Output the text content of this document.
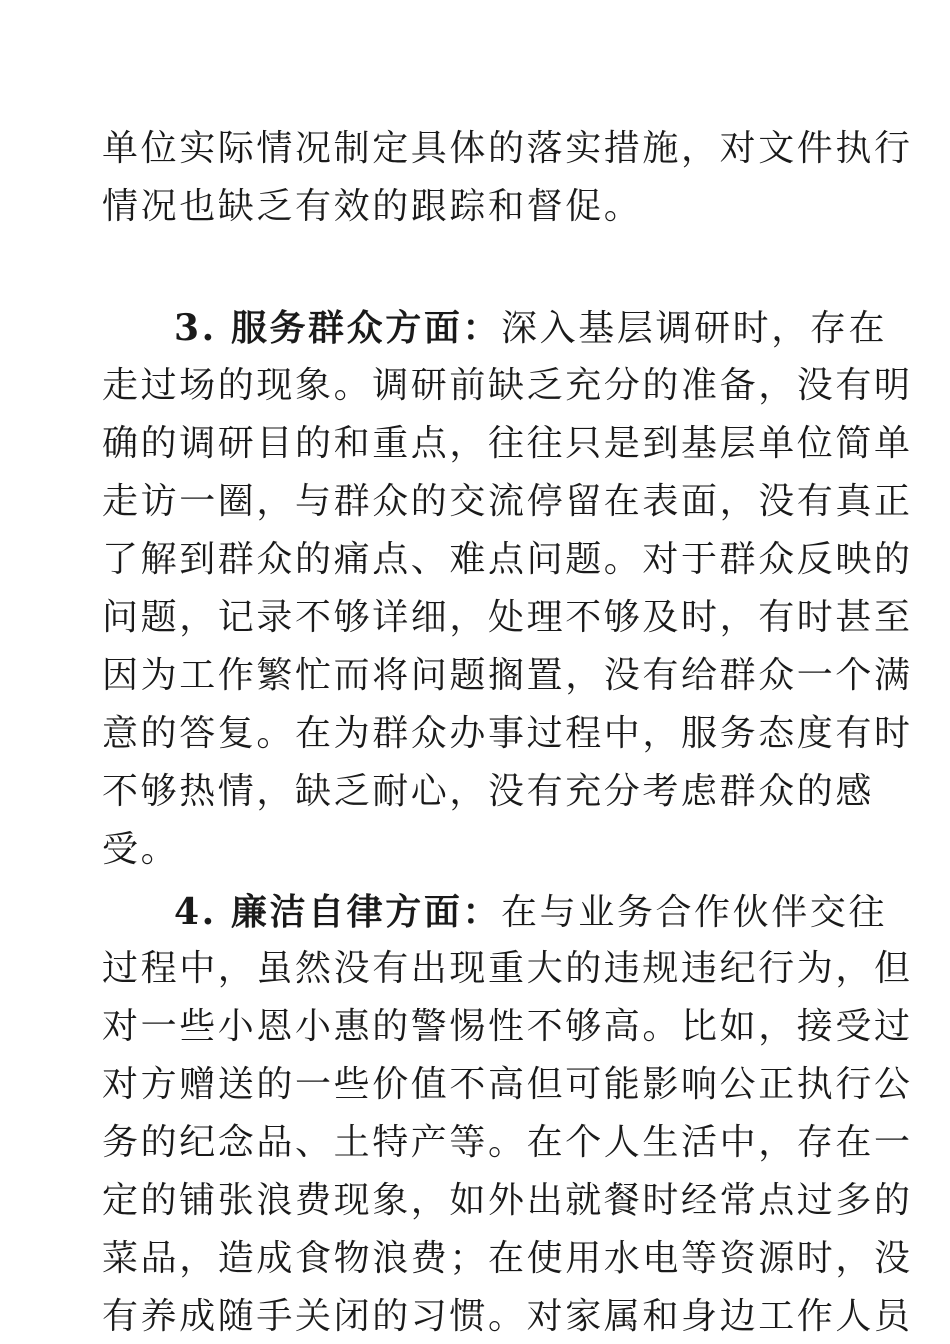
单位实际情况制定具体的落实措施，对文件执行
情况也缺乏有效的跟踪和督促。
3. 服务群众方面：深入基层调研时，存在
走过场的现象。调研前缺乏充分的准备，没有明
确的调研目的和重点，往往只是到基层单位简单
走访一圈，与群众的交流停留在表面，没有真正
了解到群众的痛点、难点问题。对于群众反映的
问题，记录不够详细，处理不够及时，有时甚至
因为工作繁忙而将问题搁置，没有给群众一个满
意的答复。在为群众办事过程中，服务态度有时
不够热情，缺乏耐心，没有充分考虑群众的感
受。
4. 廉洁自律方面：在与业务合作伙伴交往
过程中，虽然没有出现重大的违规违纪行为，但
对一些小恩小惠的警惕性不够高。比如，接受过
对方赠送的一些价值不高但可能影响公正执行公
务的纪念品、土特产等。在个人生活中，存在一
定的铺张浪费现象，如外出就餐时经常点过多的
菜品，造成食物浪费；在使用水电等资源时，没
有养成随手关闭的习惯。对家属和身边工作人员
